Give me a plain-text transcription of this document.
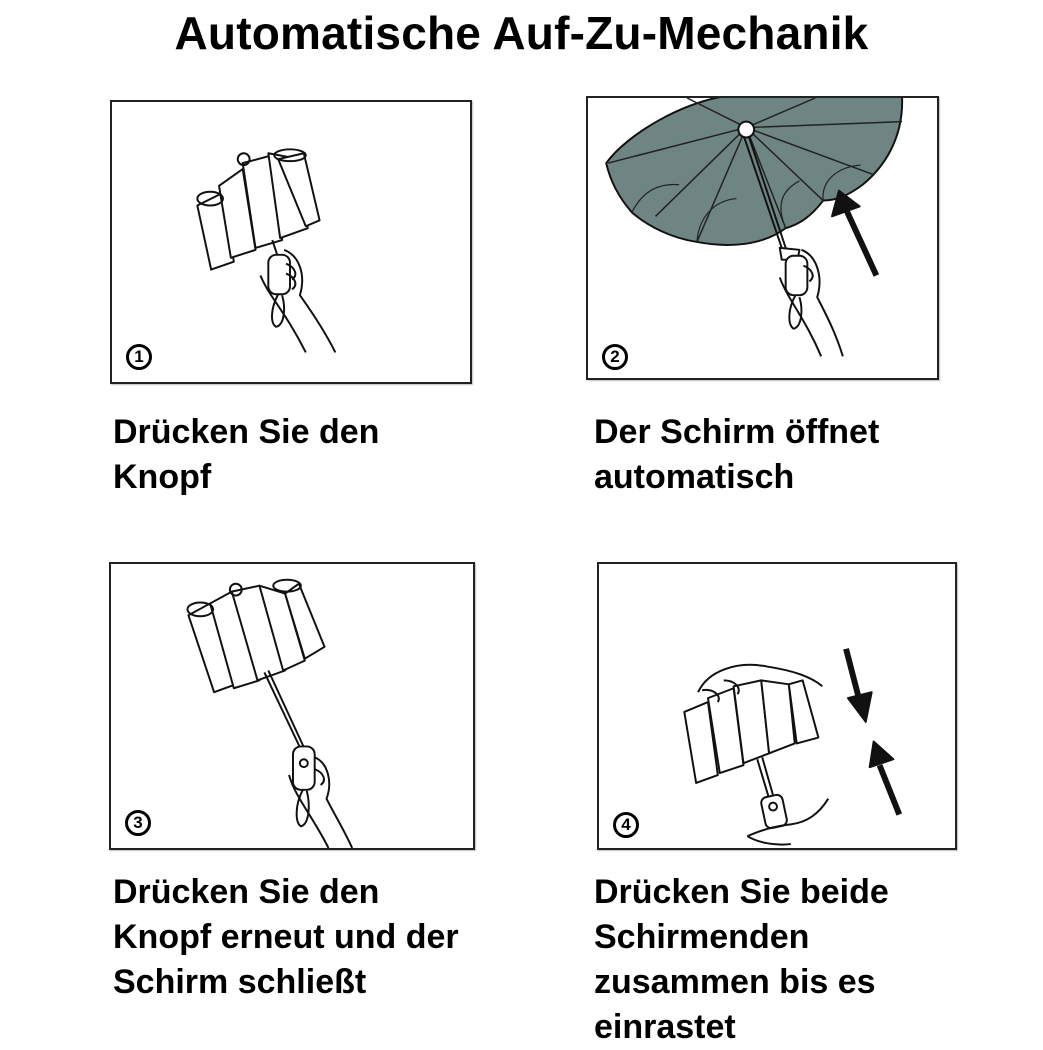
Automatische Auf-Zu-Mechanik
1	2
3	4
Drücken Sie den
Knopf
Der Schirm öffnet
automatisch
Drücken Sie den
Knopf erneut und der
Schirm schließt
Drücken Sie beide
Schirmenden
zusammen bis es
einrastet
